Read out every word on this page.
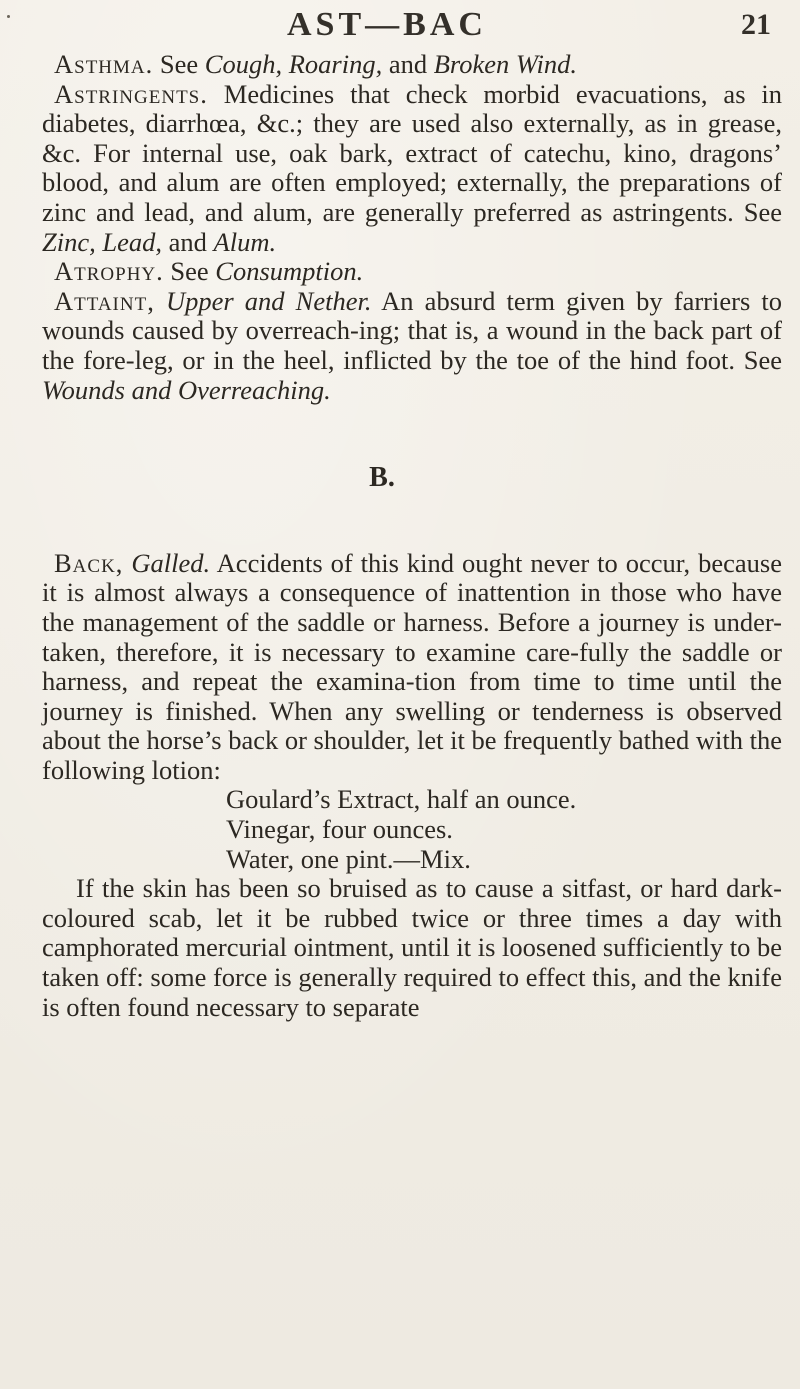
AST—BAC	21

Asthma. See Cough, Roaring, and Broken Wind.

Astringents. Medicines that check morbid evacuations, as in diabetes, diarrhœa, &c.; they are used also externally, as in grease, &c. For internal use, oak bark, extract of catechu, kino, dragons’ blood, and alum are often employed; externally, the preparations of zinc and lead, and alum, are generally preferred as astringents. See Zinc, Lead, and Alum.

Atrophy. See Consumption.

Attaint, Upper and Nether. An absurd term given by farriers to wounds caused by overreach-ing; that is, a wound in the back part of the fore-leg, or in the heel, inflicted by the toe of the hind foot. See Wounds and Overreaching.

B.

Back, Galled. Accidents of this kind ought never to occur, because it is almost always a consequence of inattention in those who have the management of the saddle or harness. Before a journey is under-taken, therefore, it is necessary to examine care-fully the saddle or harness, and repeat the examina-tion from time to time until the journey is finished. When any swelling or tenderness is observed about the horse’s back or shoulder, let it be frequently bathed with the following lotion:

Goulard’s Extract, half an ounce.
Vinegar, four ounces.
Water, one pint.—Mix.

If the skin has been so bruised as to cause a sitfast, or hard dark-coloured scab, let it be rubbed twice or three times a day with camphorated mercurial ointment, until it is loosened sufficiently to be taken off: some force is generally required to effect this, and the knife is often found necessary to separate
